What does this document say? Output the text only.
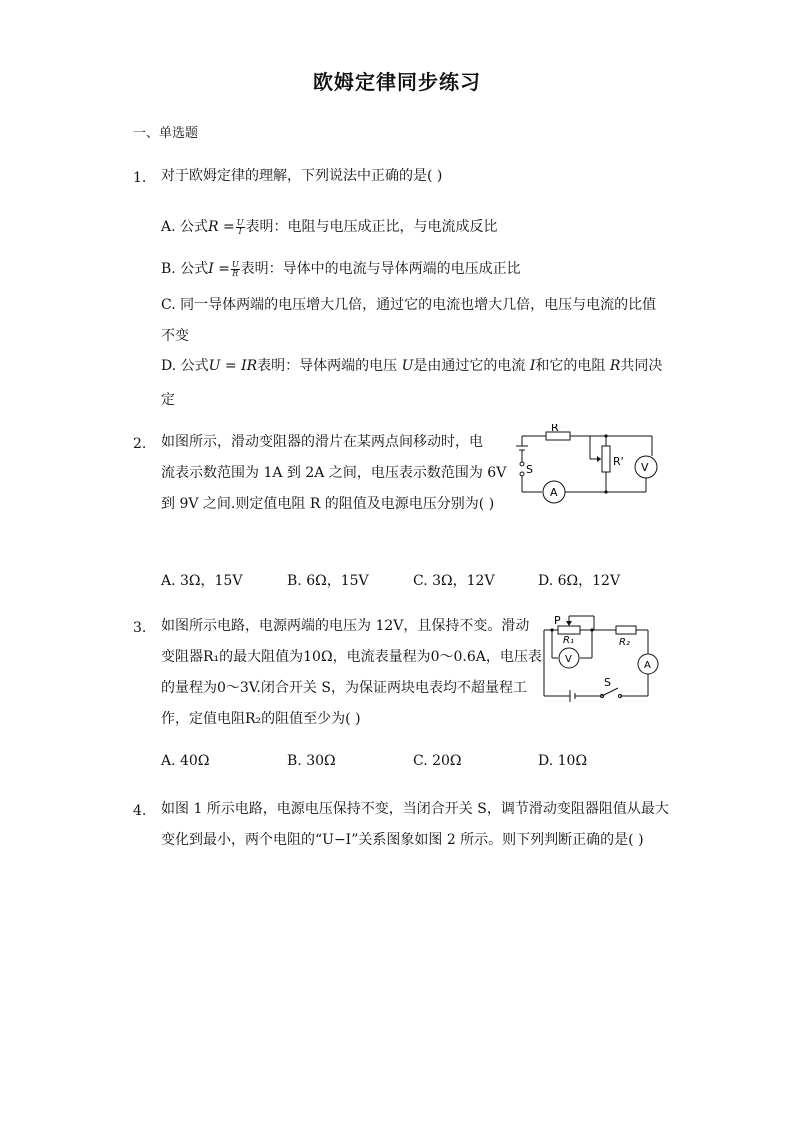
欧姆定律同步练习
一、单选题
1. 对于欧姆定律的理解，下列说法中正确的是( )
A. 公式$R = \frac{U}{I}$ 表明：电阻与电压成正比，与电流成反比
B. 公式$I = \frac{U}{R}$ 表明：导体中的电流与导体两端的电压成正比
C. 同一导体两端的电压增大几倍，通过它的电流也增大几倍，电压与电流的比值
不变
D. 公式U = IR表明：导体两端的电压 U是由通过它的电流 I和它的电阻 R共同决
定
2. 如图所示，滑动变阻器的滑片在某两点间移动时，电
流表示数范围为 1A 到 2A 之间，电压表示数范围为 6V
到 9V 之间.则定值电阻 R 的阻值及电源电压分别为( )
R
R' V
A
S
A. 3Ω，15V	B. 6Ω，15V	C. 3Ω，12V	D. 6Ω，12V
3. 如图所示电路，电源两端的电压为 12V，且保持不变。滑动
变阻器R₁的最大阻值为10Ω，电流表量程为0～0.6A，电压表
的量程为0～3V.闭合开关 S，为保证两块电表均不超量程工
作，定值电阻R₂的阻值至少为( )
P
R₁	R₂
V
A
S
A. 40Ω	B. 30Ω	C. 20Ω	D. 10Ω
4. 如图 1 所示电路，电源电压保持不变，当闭合开关 S，调节滑动变阻器阻值从最大
变化到最小，两个电阻的“U−I”关系图象如图 2 所示。则下列判断正确的是( )
